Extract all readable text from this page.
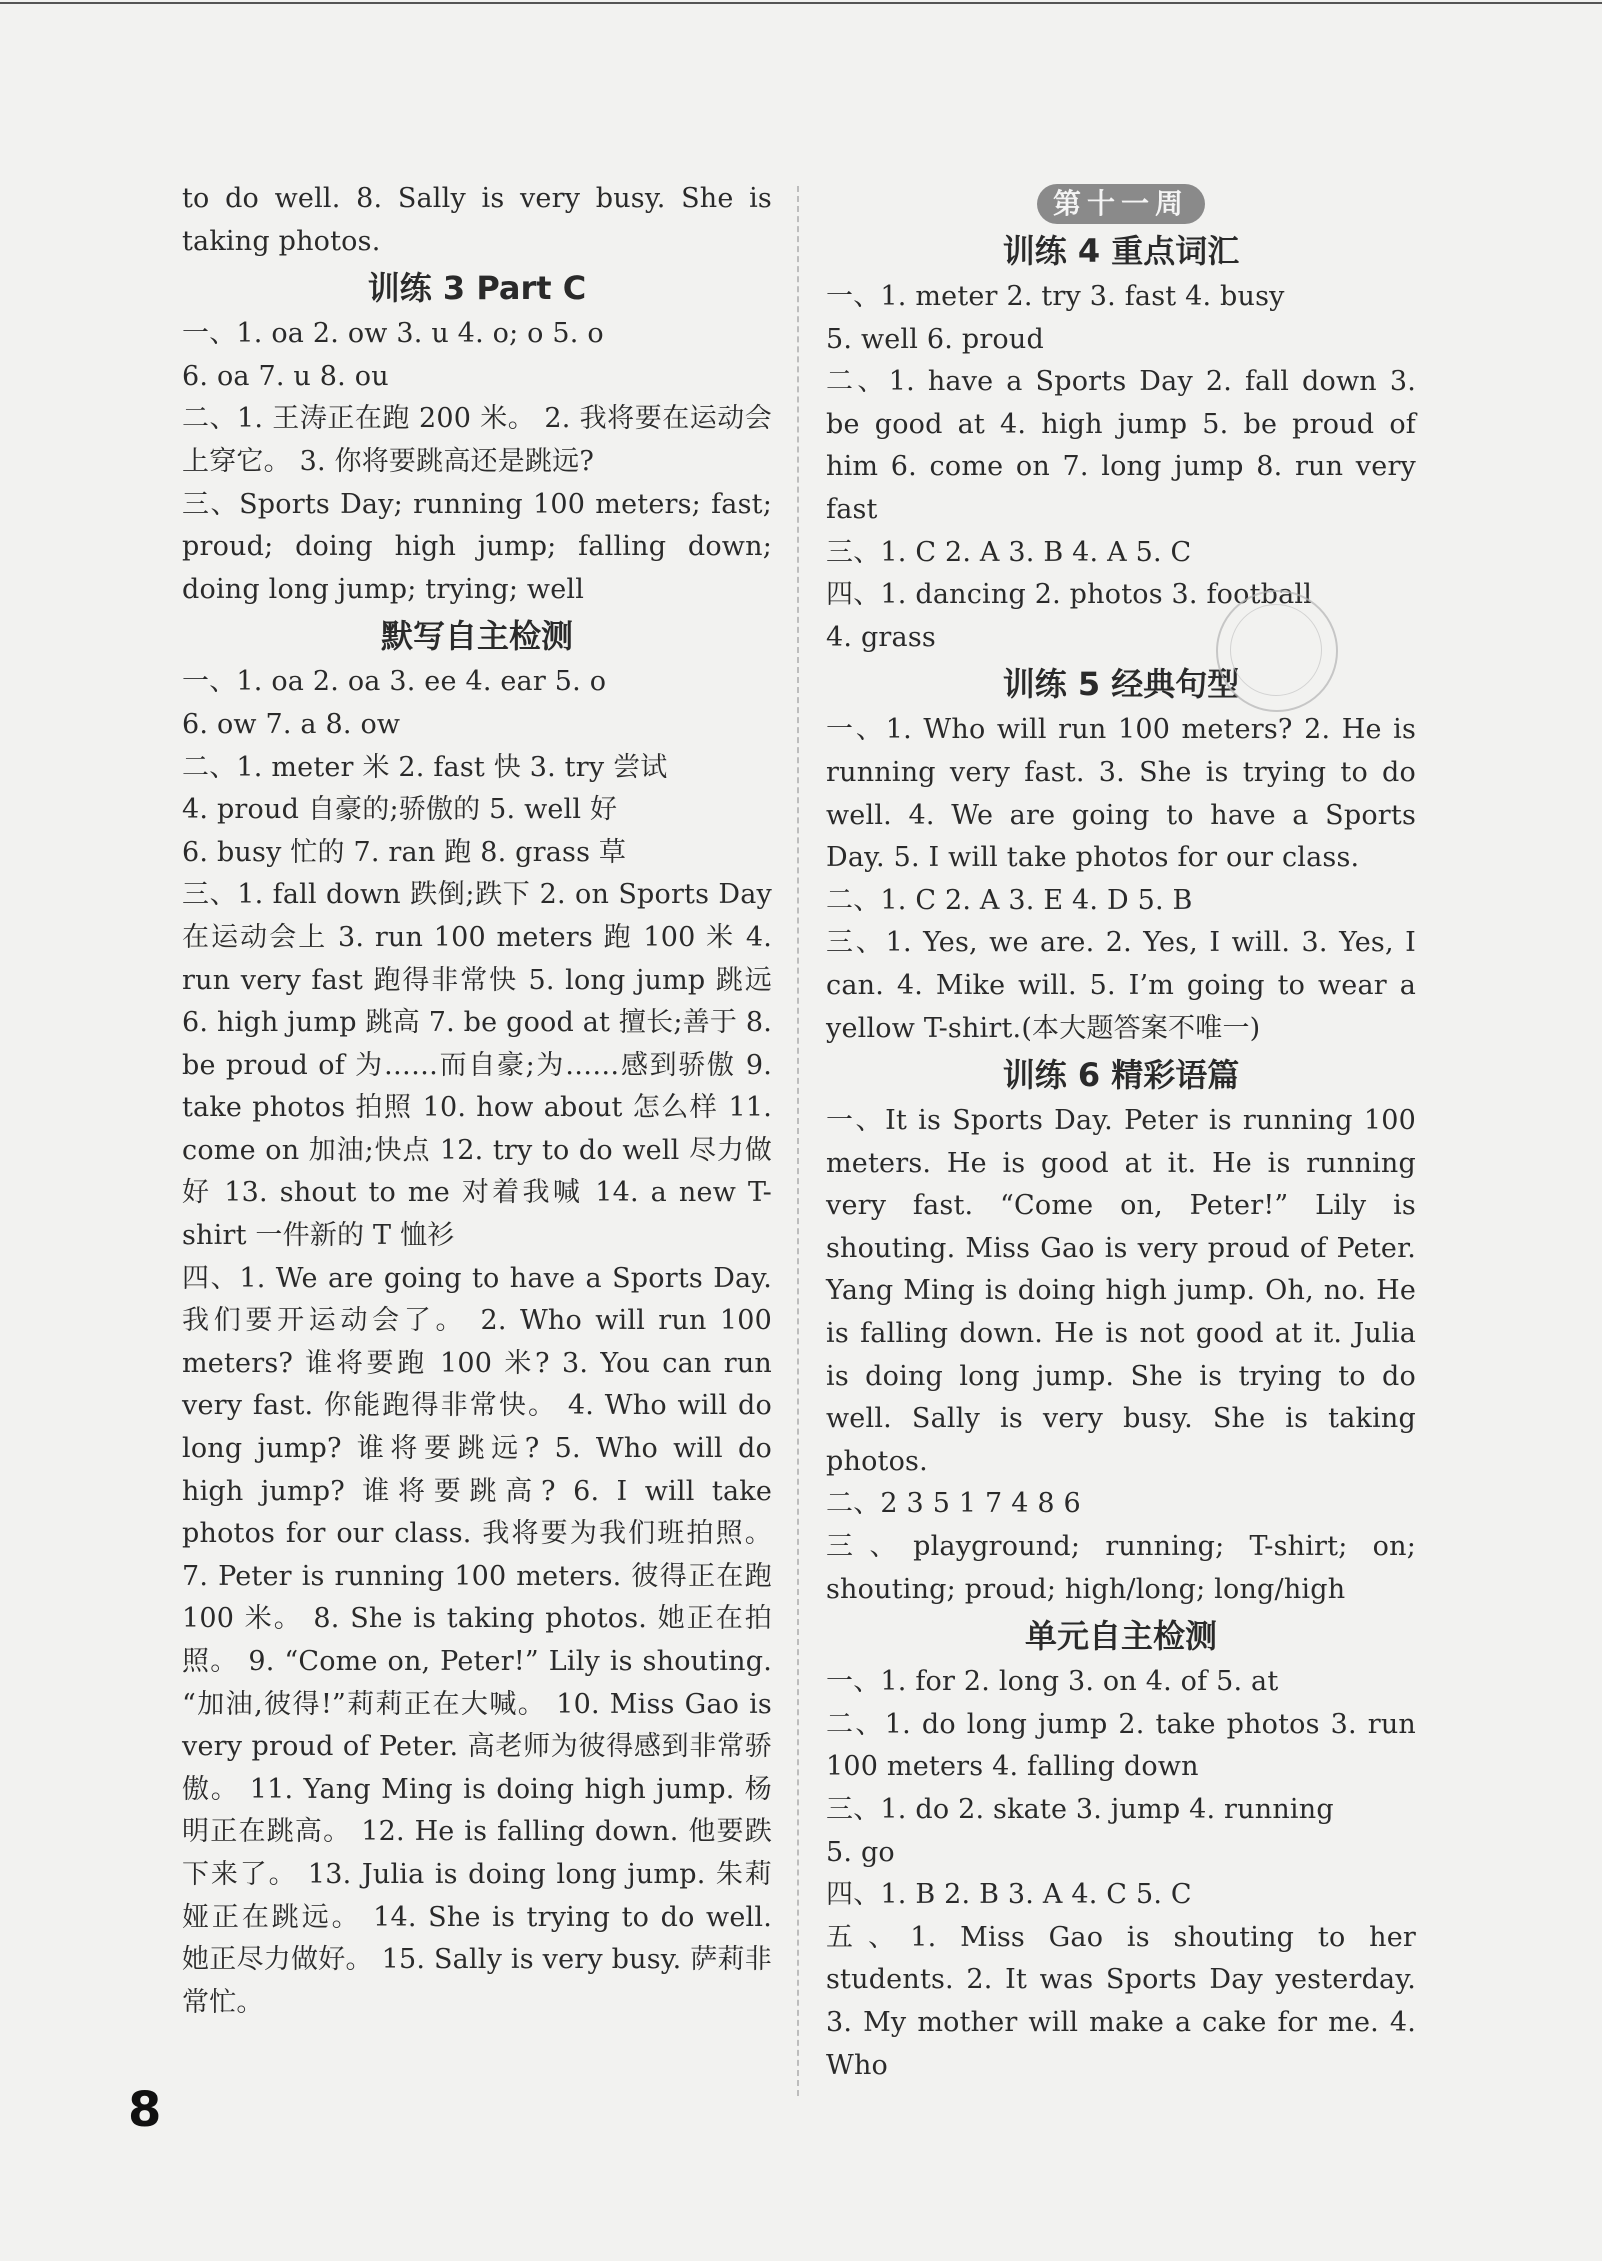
to do well. 8. Sally is very busy. She is taking photos.

训练 3 Part C

一、1. oa 2. ow 3. u 4. o; o 5. o

6. oa 7. u 8. ou

二、1. 王涛正在跑 200 米。 2. 我将要在运动会上穿它。 3. 你将要跳高还是跳远?

三、Sports Day; running 100 meters; fast; proud; doing high jump; falling down; doing long jump; trying; well

默写自主检测

一、1. oa 2. oa 3. ee 4. ear 5. o

6. ow 7. a 8. ow

二、1. meter 米 2. fast 快 3. try 尝试

4. proud 自豪的;骄傲的 5. well 好

6. busy 忙的 7. ran 跑 8. grass 草

三、1. fall down 跌倒;跌下 2. on Sports Day 在运动会上 3. run 100 meters 跑 100 米 4. run very fast 跑得非常快 5. long jump 跳远 6. high jump 跳高 7. be good at 擅长;善于 8. be proud of 为……而自豪;为……感到骄傲 9. take photos 拍照 10. how about 怎么样 11. come on 加油;快点 12. try to do well 尽力做好 13. shout to me 对着我喊 14. a new T-shirt 一件新的 T 恤衫

四、1. We are going to have a Sports Day. 我们要开运动会了。 2. Who will run 100 meters? 谁将要跑 100 米? 3. You can run very fast. 你能跑得非常快。 4. Who will do long jump? 谁将要跳远? 5. Who will do high jump? 谁将要跳高? 6. I will take photos for our class. 我将要为我们班拍照。 7. Peter is running 100 meters. 彼得正在跑 100 米。 8. She is taking photos. 她正在拍照。 9. “Come on, Peter!” Lily is shouting. “加油,彼得!”莉莉正在大喊。 10. Miss Gao is very proud of Peter. 高老师为彼得感到非常骄傲。 11. Yang Ming is doing high jump. 杨明正在跳高。 12. He is falling down. 他要跌下来了。 13. Julia is doing long jump. 朱莉娅正在跳远。 14. She is trying to do well. 她正尽力做好。 15. Sally is very busy. 萨莉非常忙。

第十一周
训练 4 重点词汇

一、1. meter 2. try 3. fast 4. busy

5. well 6. proud

二、1. have a Sports Day 2. fall down 3. be good at 4. high jump 5. be proud of him 6. come on 7. long jump 8. run very fast

三、1. C 2. A 3. B 4. A 5. C

四、1. dancing 2. photos 3. football

4. grass

训练 5 经典句型

一、1. Who will run 100 meters? 2. He is running very fast. 3. She is trying to do well. 4. We are going to have a Sports Day. 5. I will take photos for our class.

二、1. C 2. A 3. E 4. D 5. B

三、1. Yes, we are. 2. Yes, I will. 3. Yes, I can. 4. Mike will. 5. I’m going to wear a yellow T-shirt.(本大题答案不唯一)

训练 6 精彩语篇

一、It is Sports Day. Peter is running 100 meters. He is good at it. He is running very fast. “Come on, Peter!” Lily is shouting. Miss Gao is very proud of Peter. Yang Ming is doing high jump. Oh, no. He is falling down. He is not good at it. Julia is doing long jump. She is trying to do well. Sally is very busy. She is taking photos.

二、2 3 5 1 7 4 8 6

三、playground; running; T-shirt; on; shouting; proud; high/long; long/high

单元自主检测

一、1. for 2. long 3. on 4. of 5. at

二、1. do long jump 2. take photos 3. run 100 meters 4. falling down

三、1. do 2. skate 3. jump 4. running

5. go

四、1. B 2. B 3. A 4. C 5. C

五、1. Miss Gao is shouting to her students. 2. It was Sports Day yesterday. 3. My mother will make a cake for me. 4. Who

8
